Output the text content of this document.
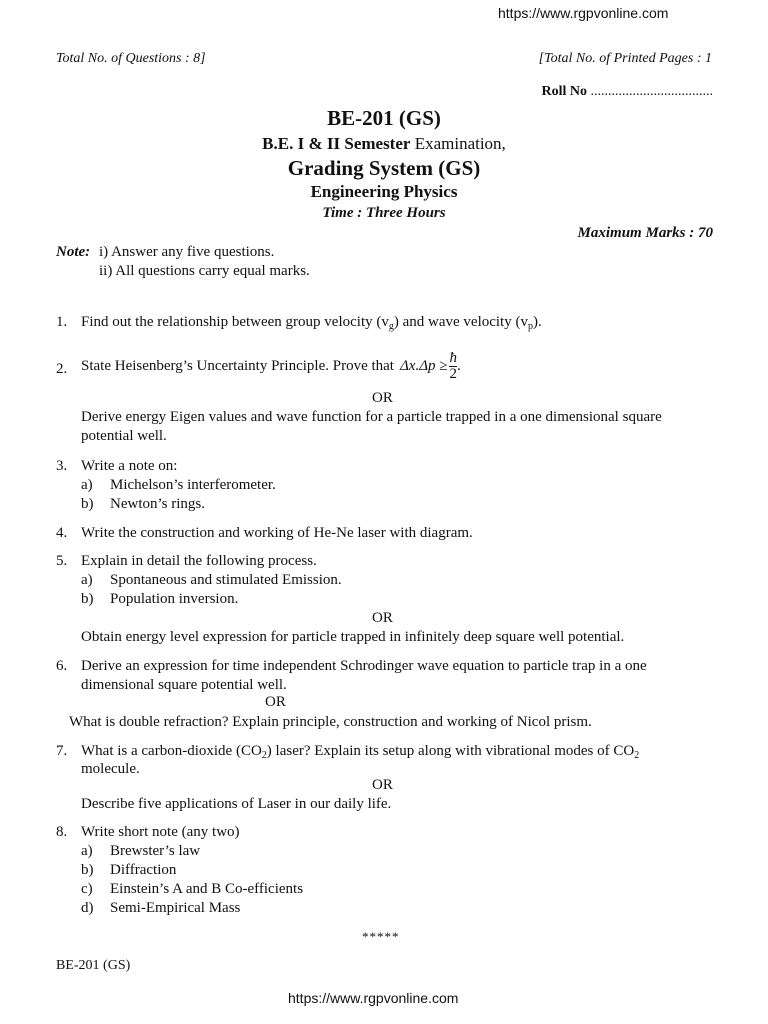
https://www.rgpvonline.com
Total No. of Questions : 8]	[Total No. of Printed Pages : 1
Roll No ...................................
BE-201 (GS)
B.E. I & II Semester Examination,
Grading System (GS)
Engineering Physics
Time : Three Hours
Maximum Marks : 70
Note: i) Answer any five questions.
ii) All questions carry equal marks.
1. Find out the relationship between group velocity $(v_g)$ and wave velocity $(v_p)$.
2. State Heisenberg’s Uncertainty Principle. Prove that $\Delta x.\Delta p \ge \frac{ħ}{2}$ .
OR
Derive energy Eigen values and wave function for a particle trapped in a one dimensional square
potential well.
3. Write a note on:
a) Michelson’s interferometer.
b) Newton’s rings.
4. Write the construction and working of He-Ne laser with diagram.
5. Explain in detail the following process.
a) Spontaneous and stimulated Emission.
b) Population inversion.
OR
Obtain energy level expression for particle trapped in infinitely deep square well potential.
6. Derive an expression for time independent Schrodinger wave equation to particle trap in a one
dimensional square potential well.
OR
What is double refraction? Explain principle, construction and working of Nicol prism.
7. What is a carbon-dioxide $(CO_2)$ laser? Explain its setup along with vibrational modes of $CO_2$
molecule.
OR
Describe five applications of Laser in our daily life.
8. Write short note (any two)
a) Brewster’s law
b) Diffraction
c) Einstein’s A and B Co-efficients
d) Semi-Empirical Mass
*****
BE-201 (GS)
https://www.rgpvonline.com
